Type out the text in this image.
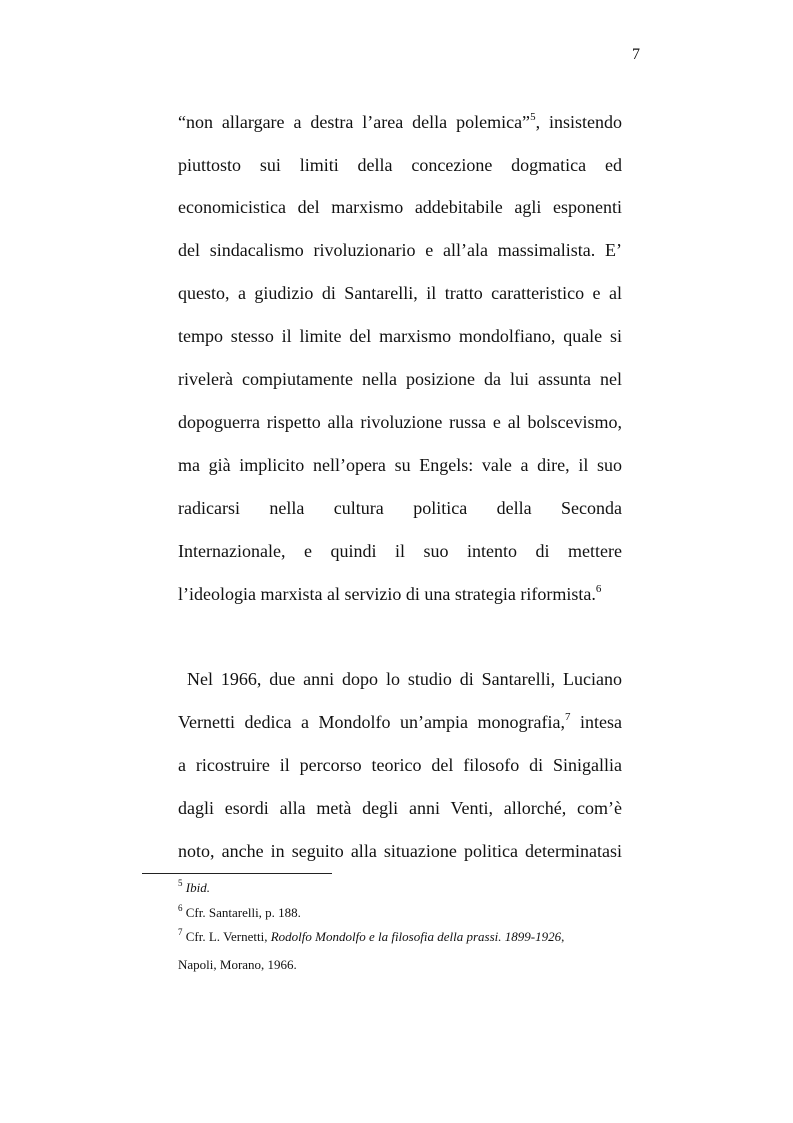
7
“non allargare a destra l’area della polemica”$^5$, insistendo
piuttosto sui limiti della concezione dogmatica ed
economicistica del marxismo addebitabile agli esponenti
del sindacalismo rivoluzionario e all’ala massimalista. E’
questo, a giudizio di Santarelli, il tratto caratteristico e al
tempo stesso il limite del marxismo mondolfiano, quale si
rivelerà compiutamente nella posizione da lui assunta nel
dopoguerra rispetto alla rivoluzione russa e al bolscevismo,
ma già implicito nell’opera su Engels: vale a dire, il suo
radicarsi nella cultura politica della Seconda
Internazionale, e quindi il suo intento di mettere
l’ideologia marxista al servizio di una strategia riformista.$^6$
Nel 1966, due anni dopo lo studio di Santarelli, Luciano
Vernetti dedica a Mondolfo un’ampia monografia,$^7$ intesa
a ricostruire il percorso teorico del filosofo di Sinigallia
dagli esordi alla metà degli anni Venti, allorché, com’è
noto, anche in seguito alla situazione politica determinatasi
$^5$ Ibid.
$^6$ Cfr. Santarelli, p. 188.
$^7$ Cfr. L. Vernetti, Rodolfo Mondolfo e la filosofia della prassi. 1899-1926,
Napoli, Morano, 1966.
